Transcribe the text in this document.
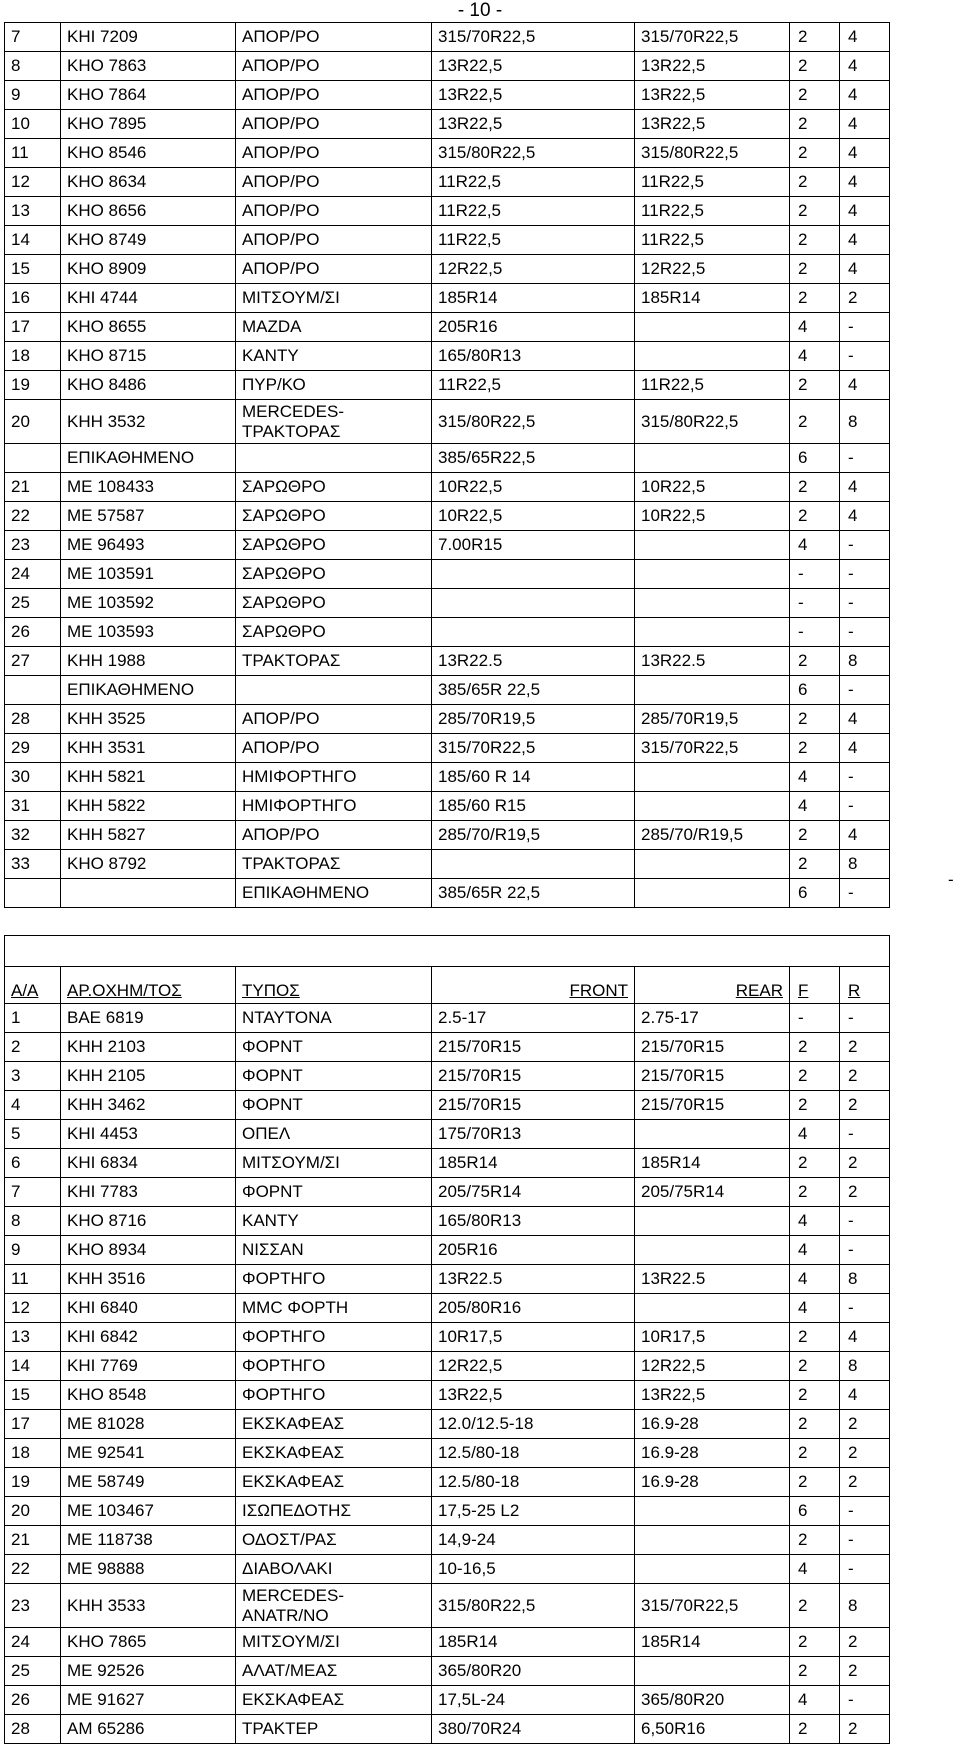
- 10 -
7	ΚΗΙ 7209	ΑΠΟΡ/ΡΟ	315/70R22,5	315/70R22,5	2	4
8	ΚΗΟ 7863	ΑΠΟΡ/ΡΟ	13R22,5	13R22,5	2	4
9	ΚΗΟ 7864	ΑΠΟΡ/ΡΟ	13R22,5	13R22,5	2	4
10	ΚΗΟ 7895	ΑΠΟΡ/ΡΟ	13R22,5	13R22,5	2	4
11	ΚΗΟ 8546	ΑΠΟΡ/ΡΟ	315/80R22,5	315/80R22,5	2	4
12	ΚΗΟ 8634	ΑΠΟΡ/ΡΟ	11R22,5	11R22,5	2	4
13	ΚΗΟ 8656	ΑΠΟΡ/ΡΟ	11R22,5	11R22,5	2	4
14	ΚΗΟ 8749	ΑΠΟΡ/ΡΟ	11R22,5	11R22,5	2	4
15	ΚΗΟ 8909	ΑΠΟΡ/ΡΟ	12R22,5	12R22,5	2	4
16	ΚΗΙ 4744	ΜΙΤΣΟΥΜ/ΣΙ	185R14	185R14	2	2
17	ΚΗΟ 8655	MAZDA	205R16		4	-
18	ΚΗΟ 8715	ΚΑΝΤΥ	165/80R13		4	-
19	ΚΗΟ 8486	ΠΥΡ/ΚΟ	11R22,5	11R22,5	2	4
20	ΚΗΗ 3532	MERCEDES-
ΤΡΑΚΤΟΡΑΣ	315/80R22,5	315/80R22,5	2	8
	ΕΠΙΚΑΘΗΜΕΝΟ		385/65R22,5		6	-
21	ΜΕ 108433	ΣΑΡΩΘΡΟ	10R22,5	10R22,5	2	4
22	ΜΕ 57587	ΣΑΡΩΘΡΟ	10R22,5	10R22,5	2	4
23	ΜΕ 96493	ΣΑΡΩΘΡΟ	7.00R15		4	-
24	ΜΕ 103591	ΣΑΡΩΘΡΟ			-	-
25	ΜΕ 103592	ΣΑΡΩΘΡΟ			-	-
26	ΜΕ 103593	ΣΑΡΩΘΡΟ			-	-
27	ΚΗΗ 1988	ΤΡΑΚΤΟΡΑΣ	13R22.5	13R22.5	2	8
	ΕΠΙΚΑΘΗΜΕΝΟ		385/65R 22,5		6	-
28	ΚΗΗ 3525	ΑΠΟΡ/ΡΟ	285/70R19,5	285/70R19,5	2	4
29	ΚΗΗ 3531	ΑΠΟΡ/ΡΟ	315/70R22,5	315/70R22,5	2	4
30	ΚΗΗ 5821	ΗΜΙΦΟΡΤΗΓΟ	185/60 R 14		4	-
31	ΚΗΗ 5822	ΗΜΙΦΟΡΤΗΓΟ	185/60 R15		4	-
32	ΚΗΗ 5827	ΑΠΟΡ/ΡΟ	285/70/R19,5	285/70/R19,5	2	4
33	ΚΗΟ 8792	ΤΡΑΚΤΟΡΑΣ			2	8
		ΕΠΙΚΑΘΗΜΕΝΟ	385/65R 22,5		6	-
-

Α/Α	ΑΡ.ΟΧΗΜ/ΤΟΣ	ΤΥΠΟΣ	FRONT	REAR	F	R
1	ΒΑΕ 6819	ΝΤΑΥΤΟΝΑ	2.5-17	2.75-17	-	-
2	ΚΗΗ 2103	ΦΟΡΝΤ	215/70R15	215/70R15	2	2
3	ΚΗΗ 2105	ΦΟΡΝΤ	215/70R15	215/70R15	2	2
4	ΚΗΗ 3462	ΦΟΡΝΤ	215/70R15	215/70R15	2	2
5	ΚΗΙ 4453	ΟΠΕΛ	175/70R13		4	-
6	ΚΗΙ 6834	ΜΙΤΣΟΥΜ/ΣΙ	185R14	185R14	2	2
7	ΚΗΙ 7783	ΦΟΡΝΤ	205/75R14	205/75R14	2	2
8	ΚΗΟ 8716	ΚΑΝΤΥ	165/80R13		4	-
9	ΚΗΟ 8934	ΝΙΣΣΑΝ	205R16		4	-
11	ΚΗΗ 3516	ΦΟΡΤΗΓΟ	13R22.5	13R22.5	4	8
12	ΚΗΙ 6840	MMC ΦΟΡΤΗ	205/80R16		4	-
13	ΚΗΙ 6842	ΦΟΡΤΗΓΟ	10R17,5	10R17,5	2	4
14	ΚΗΙ 7769	ΦΟΡΤΗΓΟ	12R22,5	12R22,5	2	8
15	ΚΗΟ 8548	ΦΟΡΤΗΓΟ	13R22,5	13R22,5	2	4
17	ΜΕ 81028	ΕΚΣΚΑΦΕΑΣ	12.0/12.5-18	16.9-28	2	2
18	ΜΕ 92541	ΕΚΣΚΑΦΕΑΣ	12.5/80-18	16.9-28	2	2
19	ΜΕ 58749	ΕΚΣΚΑΦΕΑΣ	12.5/80-18	16.9-28	2	2
20	ΜΕ 103467	ΙΣΩΠΕΔΟΤΗΣ	17,5-25 L2		6	-
21	ΜΕ 118738	ΟΔΟΣΤ/ΡΑΣ	14,9-24		2	-
22	ΜΕ 98888	ΔΙΑΒΟΛΑΚΙ	10-16,5		4	-
23	ΚΗΗ 3533	MERCEDES-
ΑΝΑΤR/ΝΟ	315/80R22,5	315/70R22,5	2	8
24	ΚΗΟ 7865	ΜΙΤΣΟΥΜ/ΣΙ	185R14	185R14	2	2
25	ΜΕ 92526	ΑΛΑΤ/ΜΕΑΣ	365/80R20		2	2
26	ΜΕ 91627	ΕΚΣΚΑΦΕΑΣ	17,5L-24	365/80R20	4	-
28	ΑΜ 65286	ΤΡΑΚΤΕΡ	380/70R24	6,50R16	2	2
